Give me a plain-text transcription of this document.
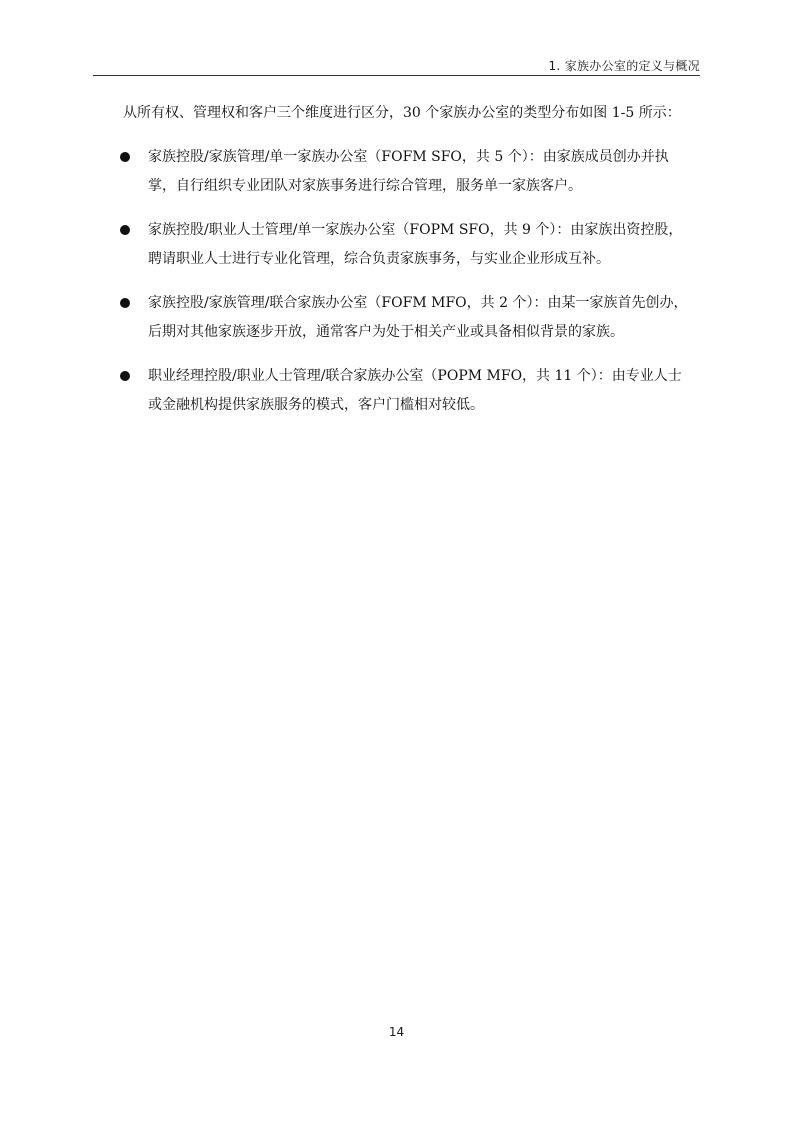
1. 家族办公室的定义与概况

从所有权、管理权和客户三个维度进行区分，30 个家族办公室的类型分布如图 1-5 所示：

家族控股/家族管理/单一家族办公室（FOFM SFO，共 5 个）：由家族成员创办并执
掌，自行组织专业团队对家族事务进行综合管理，服务单一家族客户。
家族控股/职业人士管理/单一家族办公室（FOPM SFO，共 9 个）：由家族出资控股，
聘请职业人士进行专业化管理，综合负责家族事务，与实业企业形成互补。
家族控股/家族管理/联合家族办公室（FOFM MFO，共 2 个）：由某一家族首先创办，
后期对其他家族逐步开放，通常客户为处于相关产业或具备相似背景的家族。
职业经理控股/职业人士管理/联合家族办公室（POPM MFO，共 11 个）：由专业人士
或金融机构提供家族服务的模式，客户门槛相对较低。
14
